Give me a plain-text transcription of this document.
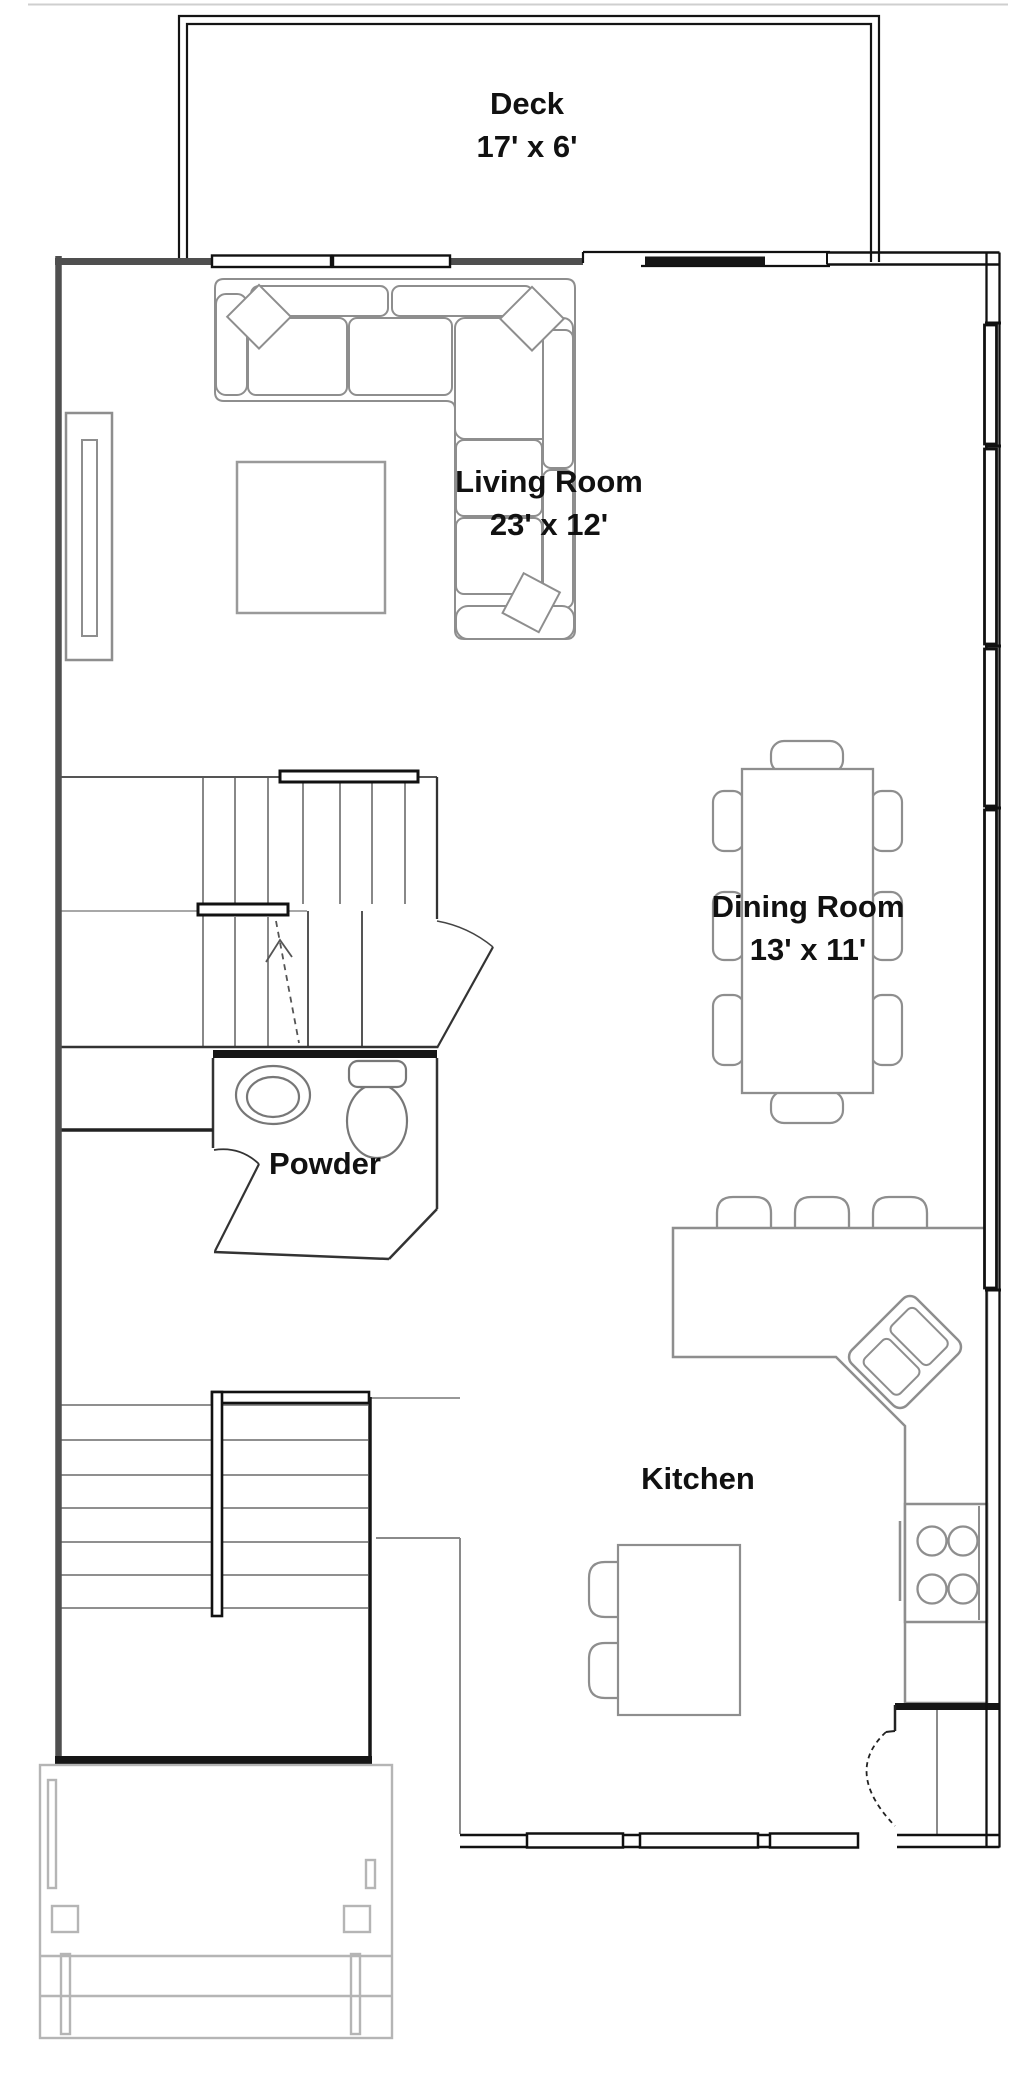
Deck
17' x 6'
Living Room
23' x 12'
Dining Room
13' x 11'
Powder
Kitchen
